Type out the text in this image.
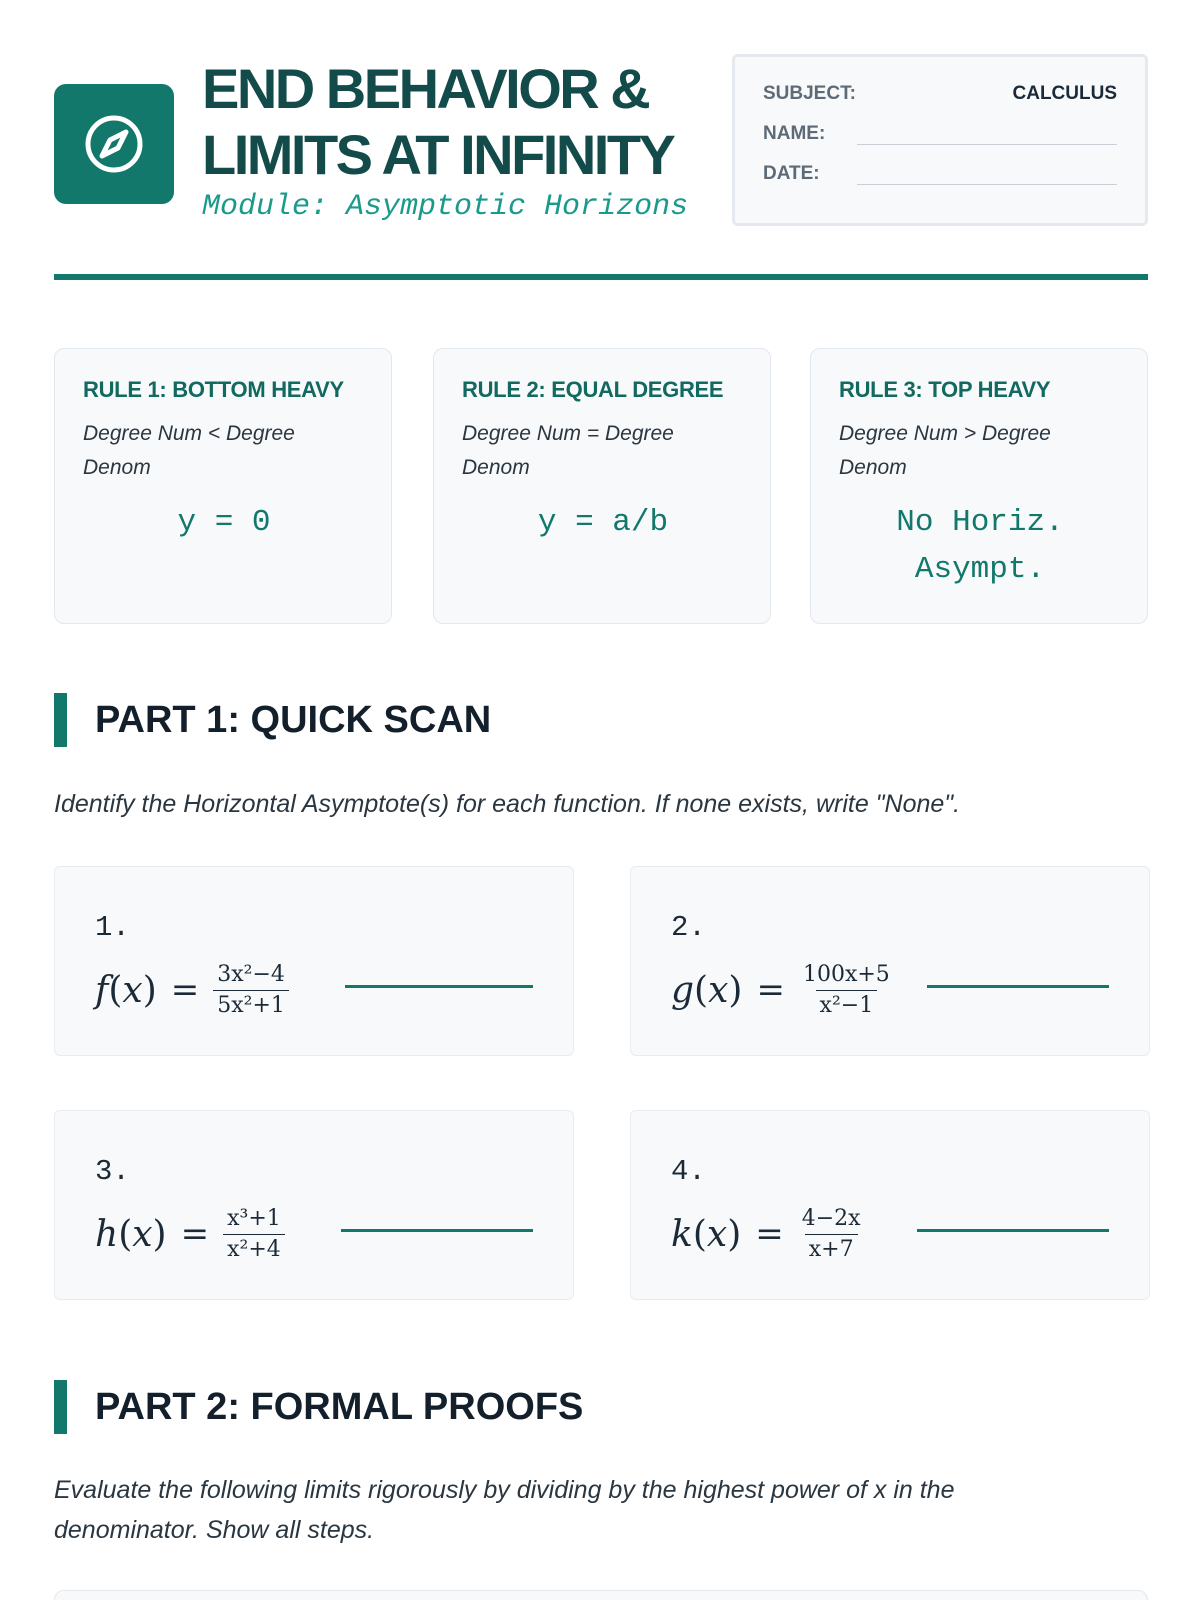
END BEHAVIOR &
LIMITS AT INFINITY
Module: Asymptotic Horizons
SUBJECT:	CALCULUS
NAME:
DATE:
RULE 1: BOTTOM HEAVY
Degree Num < Degree Denom
y = 0
RULE 2: EQUAL DEGREE
Degree Num = Degree Denom
y = a/b
RULE 3: TOP HEAVY
Degree Num > Degree Denom
No Horiz. Asympt.
PART 1: QUICK SCAN
Identify the Horizontal Asymptote(s) for each function. If none exists, write "None".
1.
$f(x) = \frac{\text{3x²−4}}{\text{5x²+1}}$
2.
$g(x) = \frac{100x+5}{\text{x²−1}}$
3.
$h(x) = \frac{\text{x³+1}}{\text{x²+4}}$
4.
$k(x) = \frac{4-2x}{x+7}$
PART 2: FORMAL PROOFS
Evaluate the following limits rigorously by dividing by the highest power of x in the denominator. Show all steps.
